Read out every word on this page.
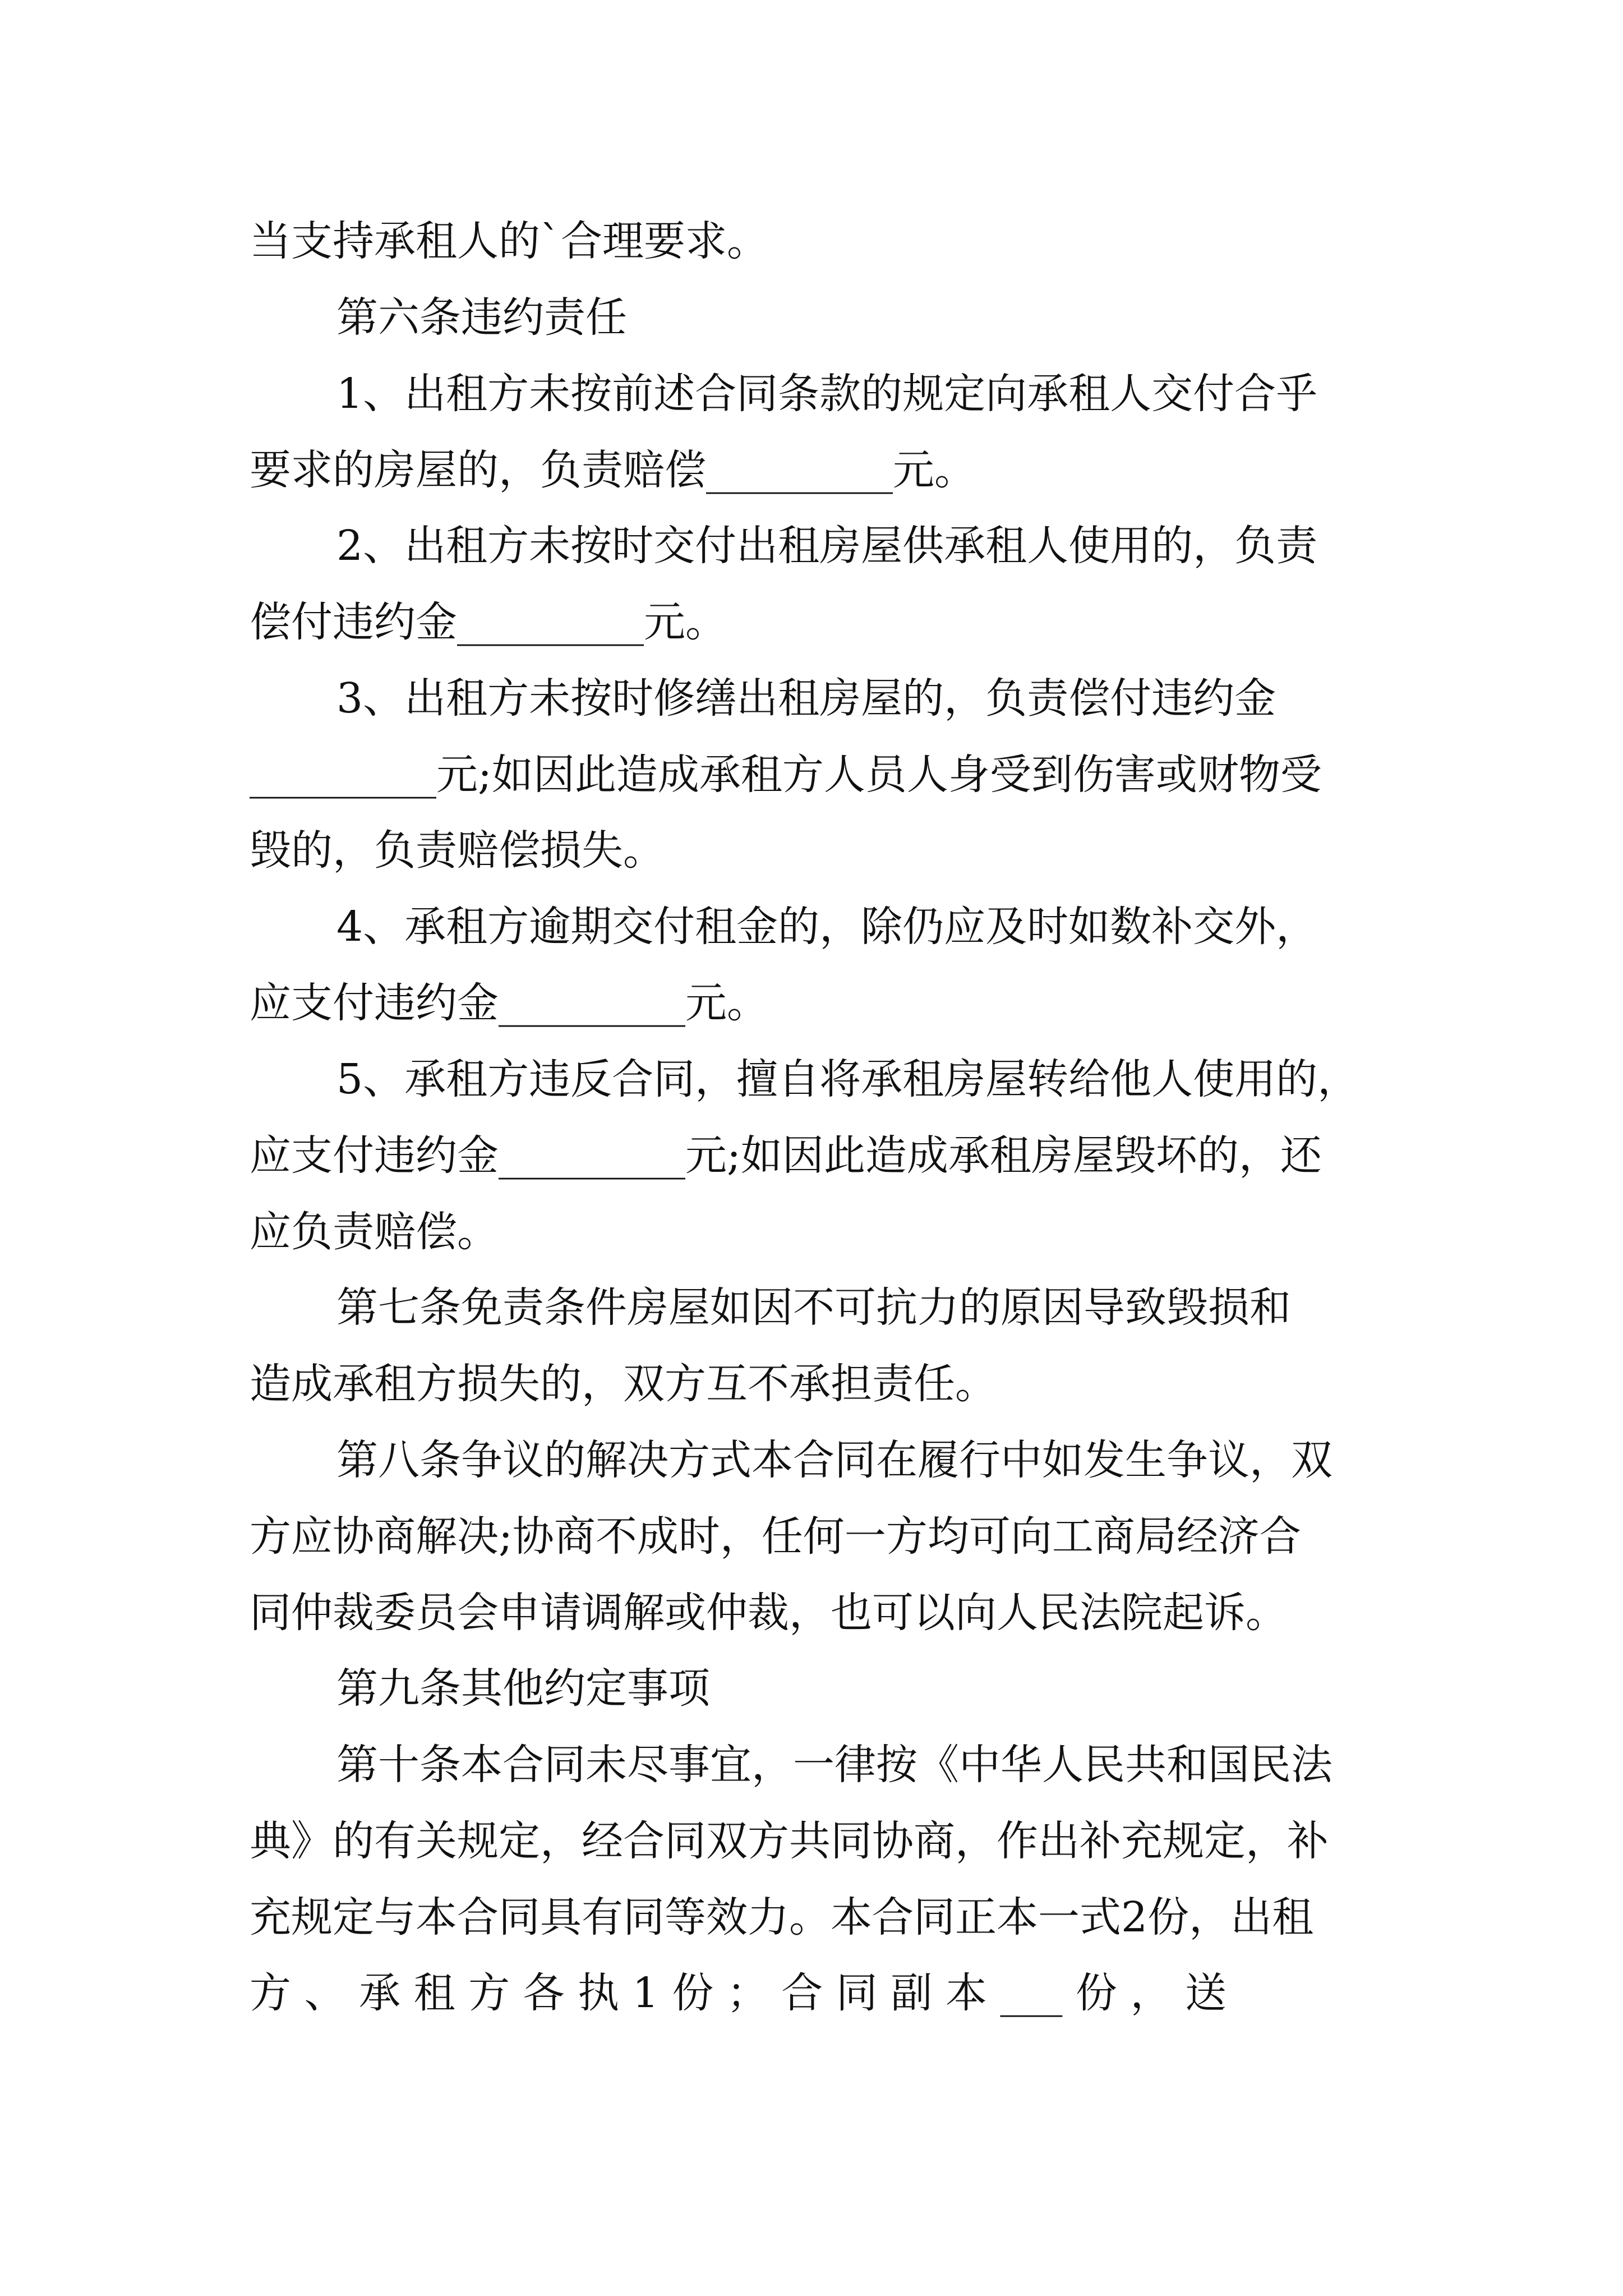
当支持承租人的`合理要求。
第六条违约责任
1、出租方未按前述合同条款的规定向承租人交付合乎
要求的房屋的，负责赔偿_________元。
2、出租方未按时交付出租房屋供承租人使用的，负责
偿付违约金_________元。
3、出租方未按时修缮出租房屋的，负责偿付违约金
_________元;如因此造成承租方人员人身受到伤害或财物受
毁的，负责赔偿损失。
4、承租方逾期交付租金的，除仍应及时如数补交外，
应支付违约金_________元。
5、承租方违反合同，擅自将承租房屋转给他人使用的，
应支付违约金_________元;如因此造成承租房屋毁坏的，还
应负责赔偿。
第七条免责条件房屋如因不可抗力的原因导致毁损和
造成承租方损失的，双方互不承担责任。
第八条争议的解决方式本合同在履行中如发生争议，双
方应协商解决;协商不成时，任何一方均可向工商局经济合
同仲裁委员会申请调解或仲裁，也可以向人民法院起诉。
第九条其他约定事项
第十条本合同未尽事宜，一律按《中华人民共和国民法
典》的有关规定，经合同双方共同协商，作出补充规定，补
充规定与本合同具有同等效力。本合同正本一式2份，出租
方 、 承 租 方 各 执 1 份 ； 合 同 副 本 ___ 份 ， 送
